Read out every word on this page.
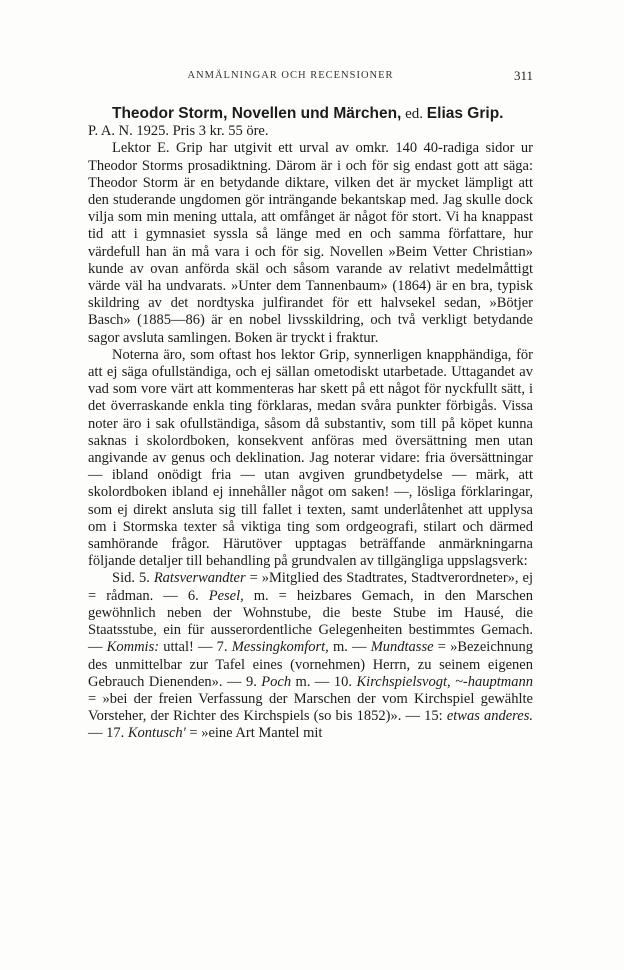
ANMÄLNINGAR OCH RECENSIONER	311

Theodor Storm, Novellen und Märchen, ed. Elias Grip.

P. A. N. 1925. Pris 3 kr. 55 öre.

Lektor E. Grip har utgivit ett urval av omkr. 140 40-radiga sidor ur Theodor Storms prosadiktning. Därom är i och för sig endast gott att säga: Theodor Storm är en betydande diktare, vilken det är mycket lämpligt att den studerande ungdomen gör inträngande bekantskap med. Jag skulle dock vilja som min mening uttala, att omfånget är något för stort. Vi ha knappast tid att i gymnasiet syssla så länge med en och samma författare, hur värdefull han än må vara i och för sig. Novellen »Beim Vetter Christian» kunde av ovan anförda skäl och såsom varande av relativt medelmåttigt värde väl ha undvarats. »Unter dem Tannenbaum» (1864) är en bra, typisk skildring av det nordtyska julfirandet för ett halvsekel sedan, »Bötjer Basch» (1885—86) är en nobel livsskildring, och två verkligt betydande sagor avsluta samlingen. Boken är tryckt i fraktur.

Noterna äro, som oftast hos lektor Grip, synnerligen knapphändiga, för att ej säga ofullständiga, och ej sällan ometodiskt utarbetade. Uttagandet av vad som vore värt att kommenteras har skett på ett något för nyckfullt sätt, i det överraskande enkla ting förklaras, medan svåra punkter förbigås. Vissa noter äro i sak ofullständiga, såsom då substantiv, som till på köpet kunna saknas i skolordboken, konsekvent anföras med översättning men utan angivande av genus och deklination. Jag noterar vidare: fria översättningar — ibland onödigt fria — utan avgiven grundbetydelse — märk, att skolordboken ibland ej innehåller något om saken! —, lösliga förklaringar, som ej direkt ansluta sig till fallet i texten, samt underlåtenhet att upplysa om i Stormska texter så viktiga ting som ordgeografi, stilart och därmed samhörande frågor. Härutöver upptagas beträffande anmärkningarna följande detaljer till behandling på grundvalen av tillgängliga uppslagsverk:

Sid. 5. Ratsverwandter = »Mitglied des Stadtrates, Stadtverordneter», ej = rådman. — 6. Pesel, m. = heizbares Gemach, in den Marschen gewöhnlich neben der Wohnstube, die beste Stube im Hausé, die Staatsstube, ein für ausserordentliche Gelegenheiten bestimmtes Gemach. — Kommis: uttal! — 7. Messingkomfort, m. — Mundtasse = »Bezeichnung des unmittelbar zur Tafel eines (vornehmen) Herrn, zu seinem eigenen Gebrauch Dienenden». — 9. Poch m. — 10. Kirchspielsvogt, ~-hauptmann = »bei der freien Verfassung der Marschen der vom Kirchspiel gewählte Vorsteher, der Richter des Kirchspiels (so bis 1852)». — 15: etwas anderes. — 17. Kontusch' = »eine Art Mantel mit
